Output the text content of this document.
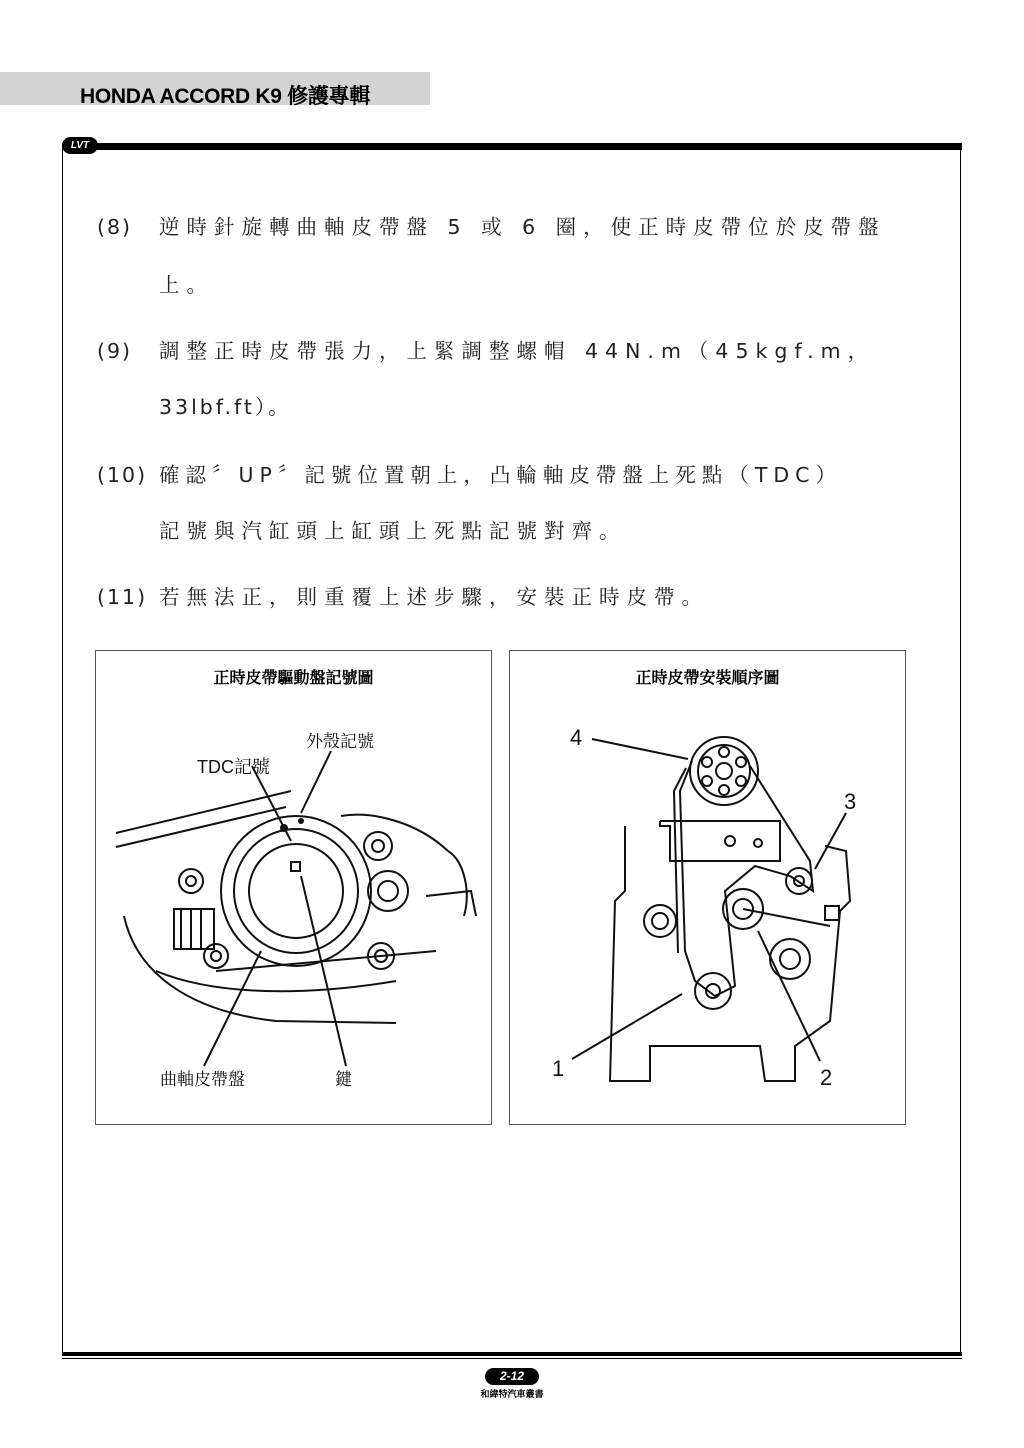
HONDA ACCORD K9 修護專輯
LVT
(8) 逆時針旋轉曲軸皮帶盤 5 或 6 圈，使正時皮帶位於皮帶盤
上。
(9) 調整正時皮帶張力，上緊調整螺帽 44N.m（45kgf.m，
33lbf.ft）。
(10) 確認〞UP〞記號位置朝上，凸輪軸皮帶盤上死點（TDC）
記號與汽缸頭上缸頭上死點記號對齊。
(11) 若無法正，則重覆上述步驟，安裝正時皮帶。
正時皮帶驅動盤記號圖
外殼記號
TDC記號
曲軸皮帶盤	鍵
正時皮帶安裝順序圖
4
3
1	2
2-12
和緯特汽車叢書
